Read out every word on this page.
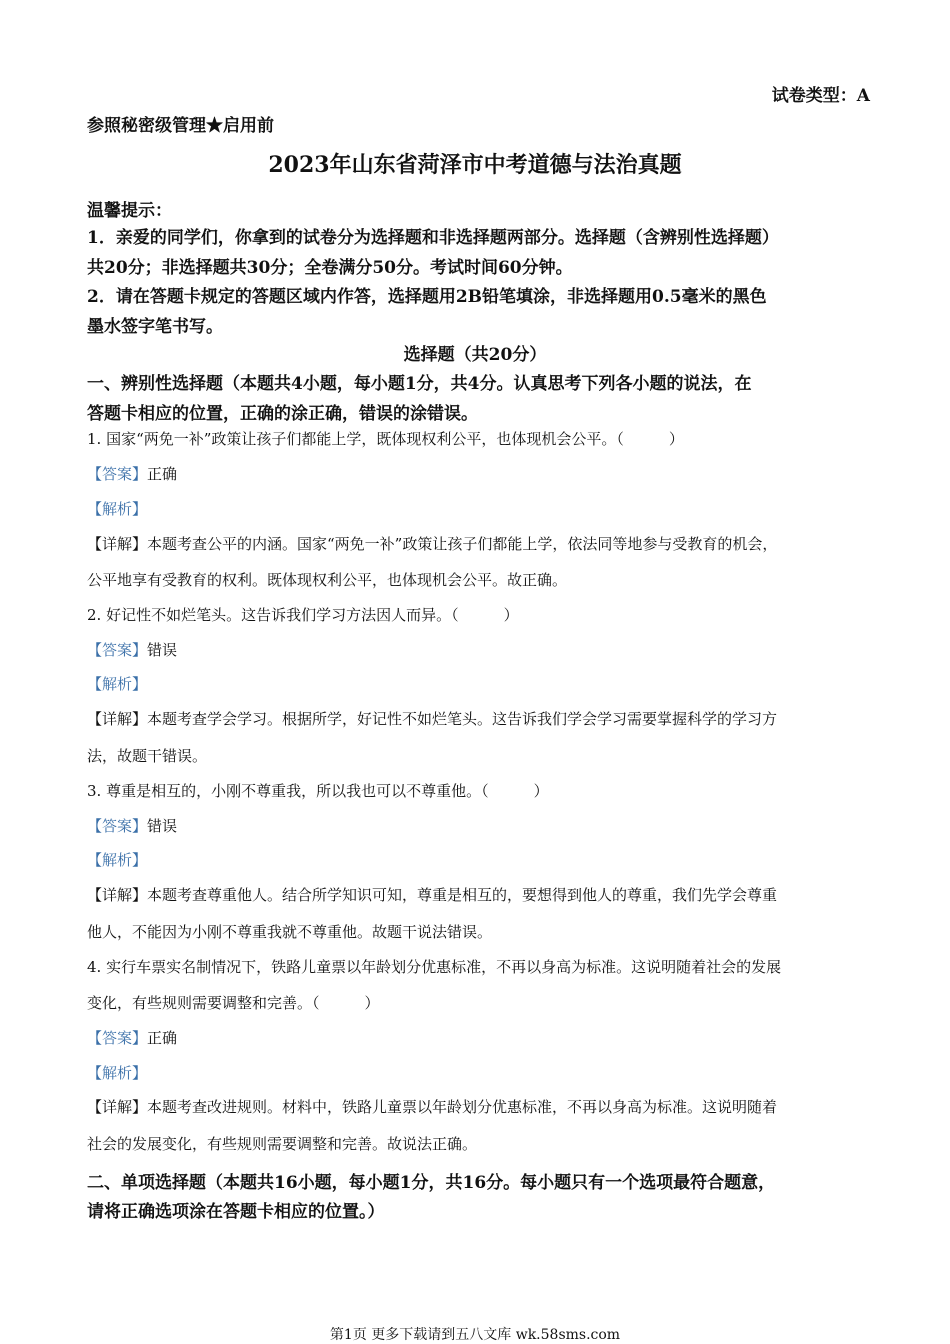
试卷类型：A
参照秘密级管理★启用前
2023年山东省菏泽市中考道德与法治真题
温馨提示：
1．亲爱的同学们，你拿到的试卷分为选择题和非选择题两部分。选择题（含辨别性选择题）
共20分；非选择题共30分；全卷满分50分。考试时间60分钟。
2．请在答题卡规定的答题区域内作答，选择题用2B铅笔填涂，非选择题用0.5毫米的黑色
墨水签字笔书写。
选择题（共20分）
一、辨别性选择题（本题共4小题，每小题1分，共4分。认真思考下列各小题的说法，在
答题卡相应的位置，正确的涂正确，错误的涂错误。
1. 国家“两免一补”政策让孩子们都能上学，既体现权利公平，也体现机会公平。（　　　）
【答案】正确
【解析】
【详解】本题考查公平的内涵。国家“两免一补”政策让孩子们都能上学，依法同等地参与受教育的机会，
公平地享有受教育的权利。既体现权利公平，也体现机会公平。故正确。
2. 好记性不如烂笔头。这告诉我们学习方法因人而异。（　　　）
【答案】错误
【解析】
【详解】本题考查学会学习。根据所学，好记性不如烂笔头。这告诉我们学会学习需要掌握科学的学习方
法，故题干错误。
3. 尊重是相互的，小刚不尊重我，所以我也可以不尊重他。（　　　）
【答案】错误
【解析】
【详解】本题考查尊重他人。结合所学知识可知，尊重是相互的，要想得到他人的尊重，我们先学会尊重
他人，不能因为小刚不尊重我就不尊重他。故题干说法错误。
4. 实行车票实名制情况下，铁路儿童票以年龄划分优惠标准，不再以身高为标准。这说明随着社会的发展
变化，有些规则需要调整和完善。（　　　）
【答案】正确
【解析】
【详解】本题考查改进规则。材料中，铁路儿童票以年龄划分优惠标准，不再以身高为标准。这说明随着
社会的发展变化，有些规则需要调整和完善。故说法正确。
二、单项选择题（本题共16小题，每小题1分，共16分。每小题只有一个选项最符合题意，
请将正确选项涂在答题卡相应的位置。）
第1页 更多下载请到五八文库 wk.58sms.com
